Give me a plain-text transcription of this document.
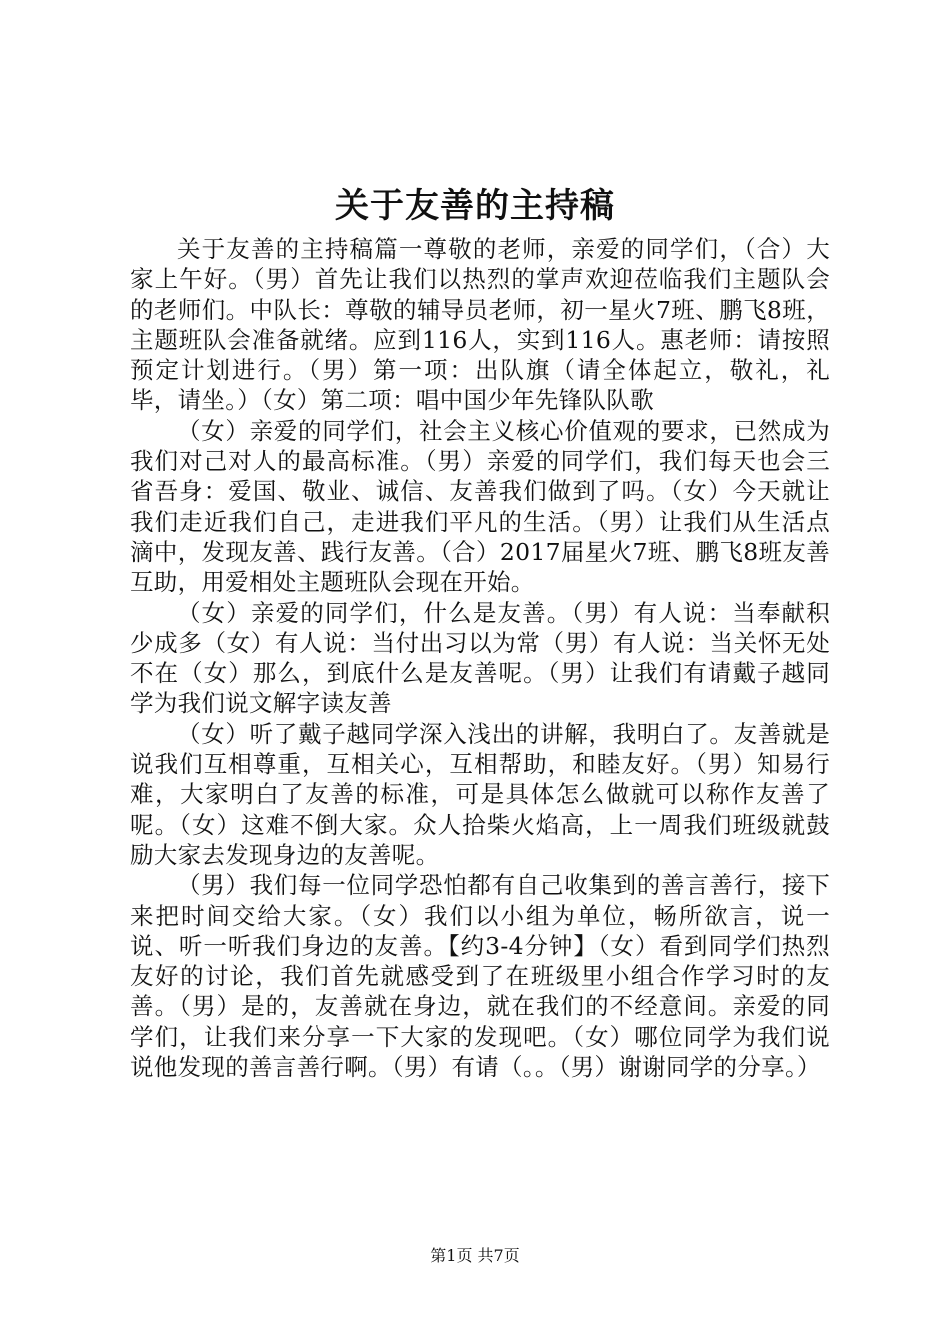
关于友善的主持稿

关于友善的主持稿篇一尊敬的老师，亲爱的同学们，（合）大家上午好。（男）首先让我们以热烈的掌声欢迎莅临我们主题队会的老师们。中队长：尊敬的辅导员老师，初一星火7班、鹏飞8班，主题班队会准备就绪。应到116人，实到116人。惠老师：请按照预定计划进行。（男）第一项：出队旗（请全体起立，敬礼，礼毕，请坐。）（女）第二项：唱中国少年先锋队队歌

（女）亲爱的同学们，社会主义核心价值观的要求，已然成为我们对己对人的最高标准。（男）亲爱的同学们，我们每天也会三省吾身：爱国、敬业、诚信、友善我们做到了吗。（女）今天就让我们走近我们自己，走进我们平凡的生活。（男）让我们从生活点滴中，发现友善、践行友善。（合）2017届星火7班、鹏飞8班友善互助，用爱相处主题班队会现在开始。

（女）亲爱的同学们，什么是友善。（男）有人说：当奉献积少成多（女）有人说：当付出习以为常（男）有人说：当关怀无处不在（女）那么，到底什么是友善呢。（男）让我们有请戴子越同学为我们说文解字读友善

（女）听了戴子越同学深入浅出的讲解，我明白了。友善就是说我们互相尊重，互相关心，互相帮助，和睦友好。（男）知易行难，大家明白了友善的标准，可是具体怎么做就可以称作友善了呢。（女）这难不倒大家。众人拾柴火焰高，上一周我们班级就鼓励大家去发现身边的友善呢。

（男）我们每一位同学恐怕都有自己收集到的善言善行，接下来把时间交给大家。（女）我们以小组为单位，畅所欲言，说一说、听一听我们身边的友善。【约3-4分钟】（女）看到同学们热烈友好的讨论，我们首先就感受到了在班级里小组合作学习时的友善。（男）是的，友善就在身边，就在我们的不经意间。亲爱的同学们，让我们来分享一下大家的发现吧。（女）哪位同学为我们说说他发现的善言善行啊。（男）有请（。。（男）谢谢同学的分享。）

第1页 共7页
